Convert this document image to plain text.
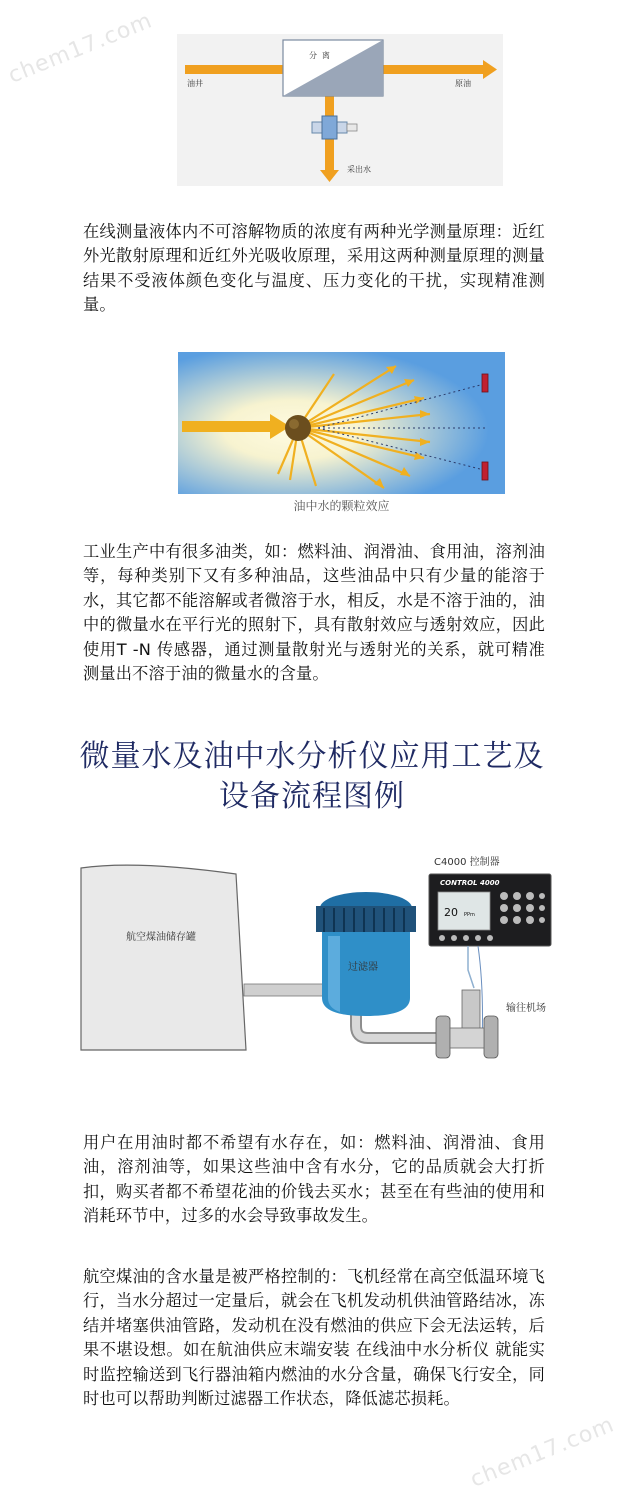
chem17.com
chem17.com
分 离
油井	原油
采出水

在线测量液体内不可溶解物质的浓度有两种光学测量原理：近红外光散射原理和近红外光吸收原理，采用这两种测量原理的测量结果不受液体颜色变化与温度、压力变化的干扰，实现精准测量。

油中水的颗粒效应

工业生产中有很多油类，如：燃料油、润滑油、食用油，溶剂油等，每种类别下又有多种油品，这些油品中只有少量的能溶于水，其它都不能溶解或者微溶于水，相反，水是不溶于油的，油中的微量水在平行光的照射下，具有散射效应与透射效应，因此使用T -N 传感器，通过测量散射光与透射光的关系，就可精准测量出不溶于油的微量水的含量。

微量水及油中水分析仪应用工艺及
设备流程图例
CONTROL 4000
20 PPm
C4000 控制器
航空煤油储存罐
过滤器
输往机场

用户在用油时都不希望有水存在，如：燃料油、润滑油、食用油，溶剂油等，如果这些油中含有水分，它的品质就会大打折扣，购买者都不希望花油的价钱去买水；甚至在有些油的使用和消耗环节中，过多的水会导致事故发生。

航空煤油的含水量是被严格控制的：飞机经常在高空低温环境飞行，当水分超过一定量后，就会在飞机发动机供油管路结冰，冻结并堵塞供油管路，发动机在没有燃油的供应下会无法运转，后果不堪设想。如在航油供应末端安装 在线油中水分析仪 就能实时监控输送到飞行器油箱内燃油的水分含量，确保飞行安全，同时也可以帮助判断过滤器工作状态，降低滤芯损耗。
